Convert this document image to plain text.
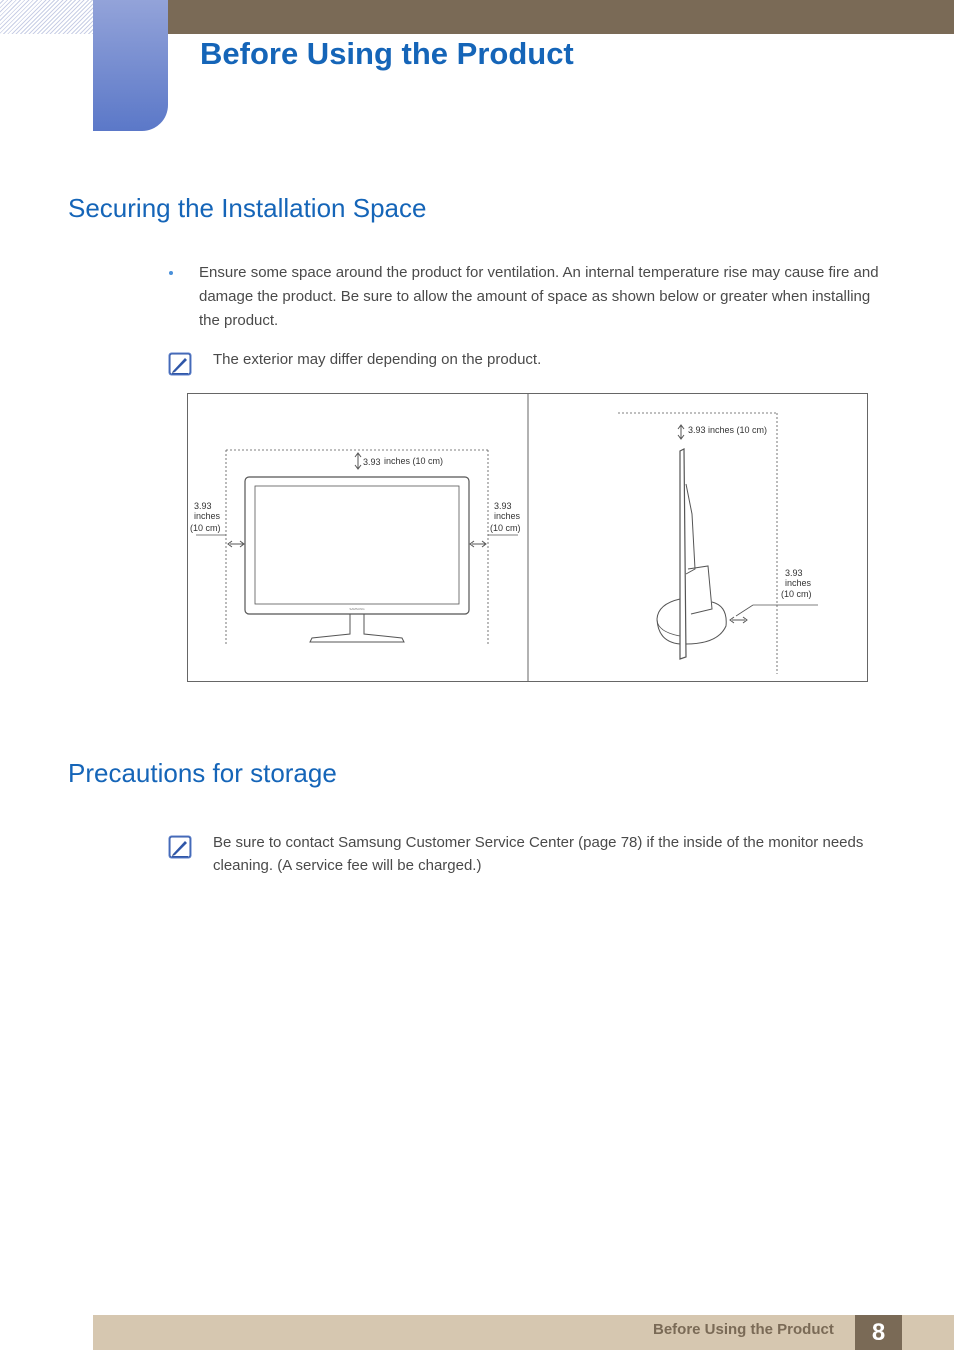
Before Using the Product
Securing the Installation Space

Ensure some space around the product for ventilation. An internal temperature rise may cause fire and damage the product. Be sure to allow the amount of space as shown below or greater when installing the product.

The exterior may differ depending on the product.

SAMSUNG
3.93 inches (10 cm)
3.93
inches
(10 cm)
3.93
inches
(10 cm)
3.93 inches (10 cm)
3.93
inches
(10 cm)
Precautions for storage

Be sure to contact Samsung Customer Service Center (page 78) if the inside of the monitor needs cleaning. (A service fee will be charged.)

Before Using the Product	8
